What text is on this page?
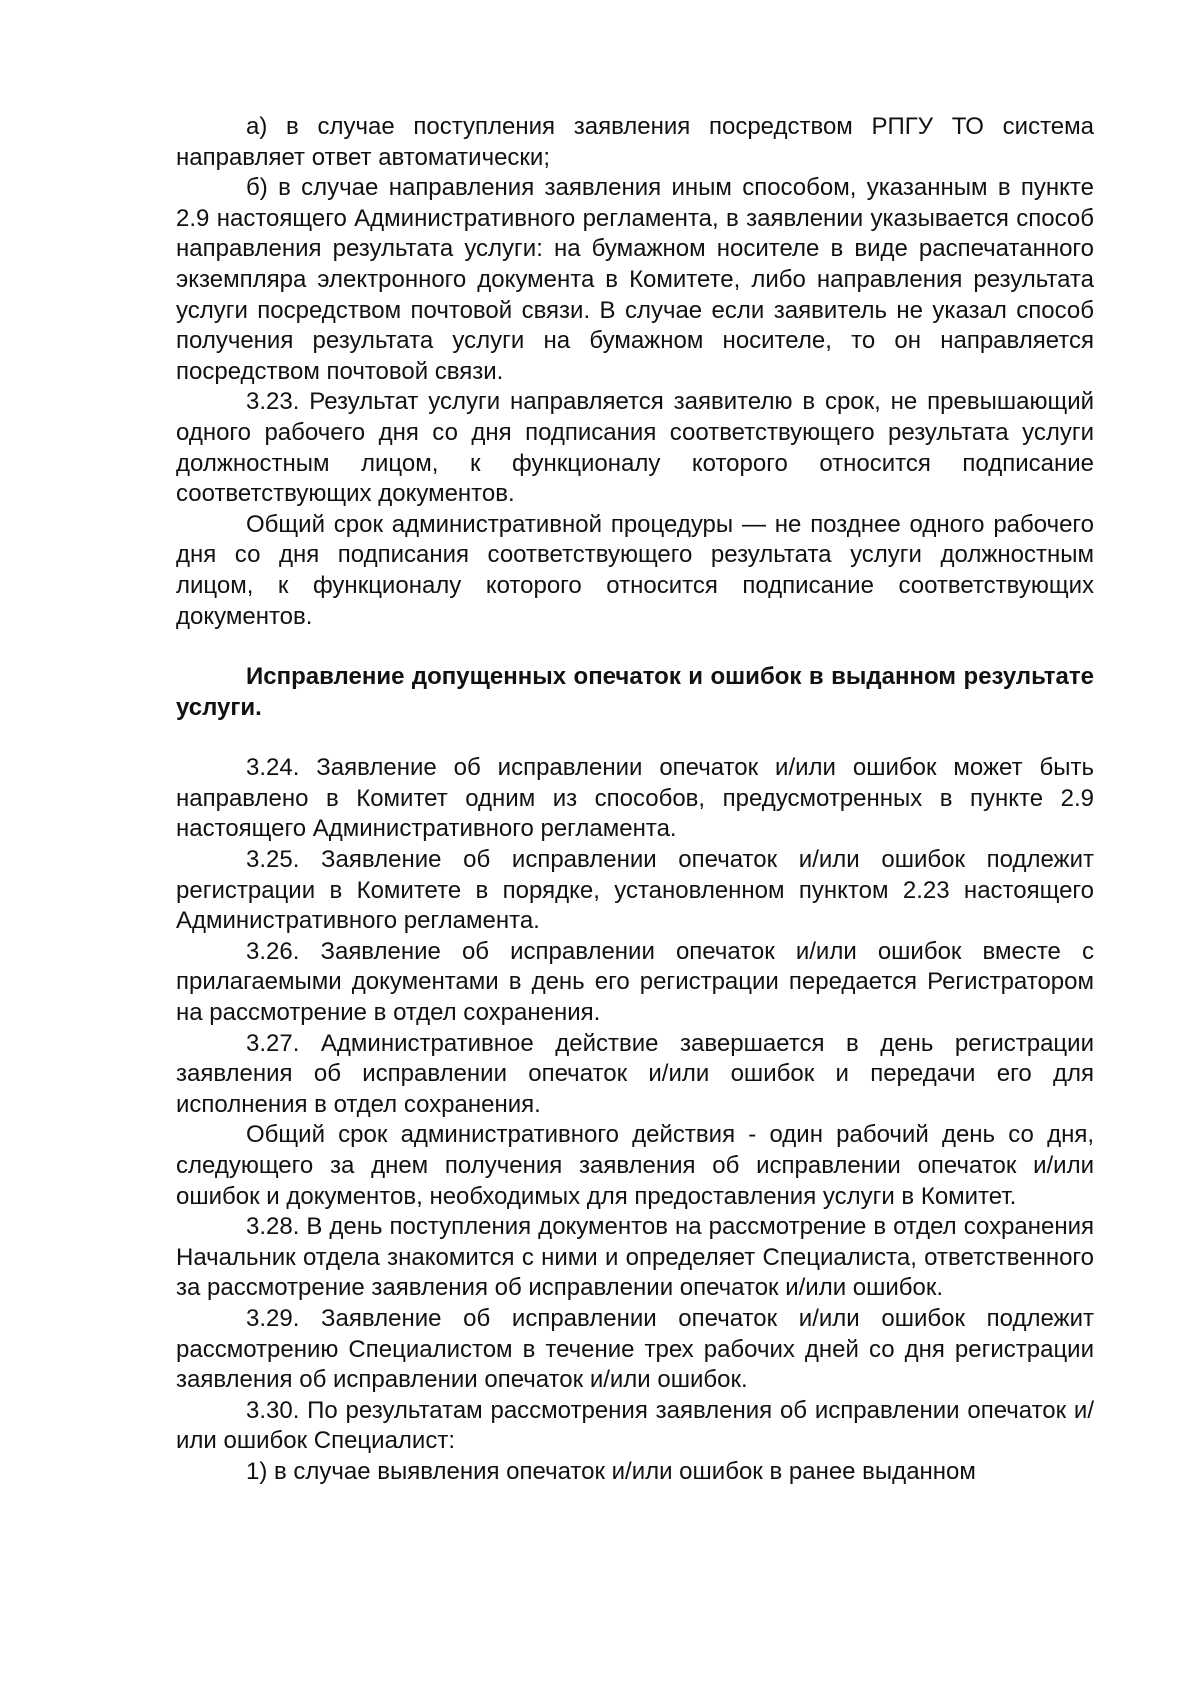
а) в случае поступления заявления посредством РПГУ ТО система направляет ответ автоматически;

б) в случае направления заявления иным способом, указанным в пункте 2.9 настоящего Административного регламента, в заявлении указывается способ направления результата услуги: на бумажном носителе в виде распечатанного экземпляра электронного документа в Комитете, либо направления результата услуги посредством почтовой связи. В случае если заявитель не указал способ получения результата услуги на бумажном носителе, то он направляется посредством почтовой связи.

3.23. Результат услуги направляется заявителю в срок, не превышающий одного рабочего дня со дня подписания соответствующего результата услуги должностным лицом, к функционалу которого относится подписание соответствующих документов.

Общий срок административной процедуры — не позднее одного рабочего дня со дня подписания соответствующего результата услуги должностным лицом, к функционалу которого относится подписание соответствующих документов.

Исправление допущенных опечаток и ошибок в выданном результате услуги.

3.24. Заявление об исправлении опечаток и/или ошибок может быть направлено в Комитет одним из способов, предусмотренных в пункте 2.9 настоящего Административного регламента.

3.25. Заявление об исправлении опечаток и/или ошибок подлежит регистрации в Комитете в порядке, установленном пунктом 2.23 настоящего Административного регламента.

3.26. Заявление об исправлении опечаток и/или ошибок вместе с прилагаемыми документами в день его регистрации передается Регистратором на рассмотрение в отдел сохранения.

3.27. Административное действие завершается в день регистрации заявления об исправлении опечаток и/или ошибок и передачи его для исполнения в отдел сохранения.

Общий срок административного действия - один рабочий день со дня, следующего за днем получения заявления об исправлении опечаток и/или ошибок и документов, необходимых для предоставления услуги в Комитет.

3.28. В день поступления документов на рассмотрение в отдел сохранения Начальник отдела знакомится с ними и определяет Специалиста, ответственного за рассмотрение заявления об исправлении опечаток и/или ошибок.

3.29. Заявление об исправлении опечаток и/или ошибок подлежит рассмотрению Специалистом в течение трех рабочих дней со дня регистрации заявления об исправлении опечаток и/или ошибок.

3.30. По результатам рассмотрения заявления об исправлении опечаток и/или ошибок Специалист:

1) в случае выявления опечаток и/или ошибок в ранее выданном
